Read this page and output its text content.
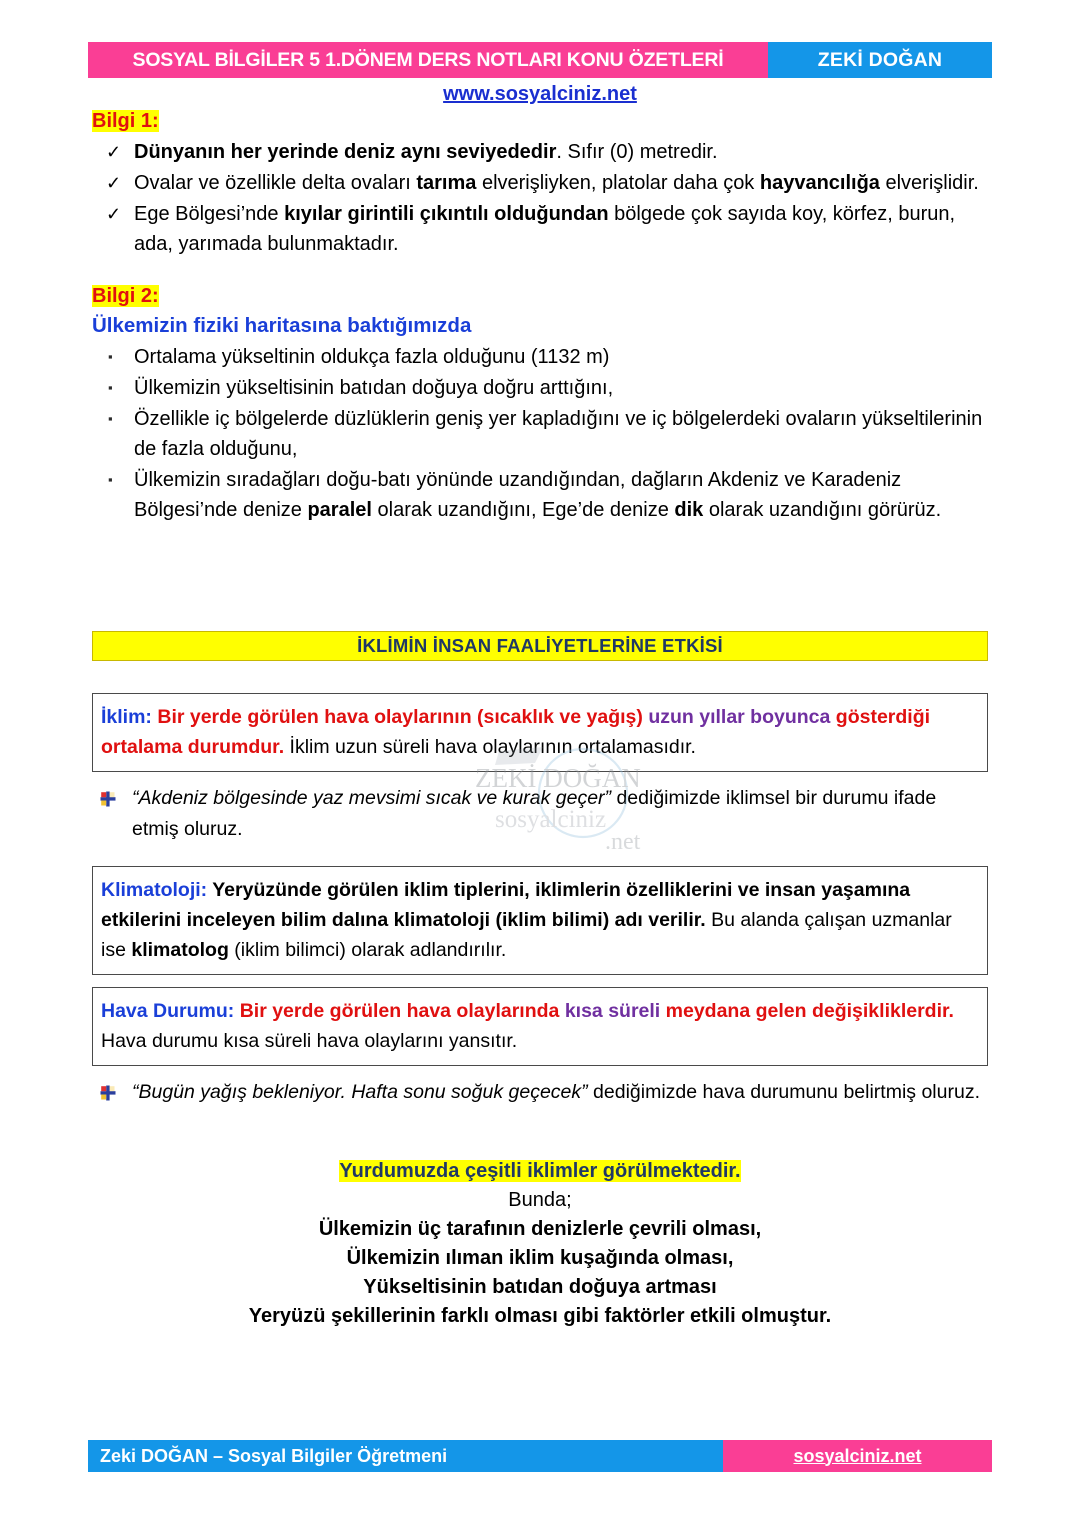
SOSYAL BİLGİLER 5 1.DÖNEM DERS NOTLARI KONU ÖZETLERİ	ZEKİ DOĞAN
www.sosyalciniz.net
Bilgi 1:
✓ Dünyanın her yerinde deniz aynı seviyededir. Sıfır (0) metredir.
✓ Ovalar ve özellikle delta ovaları tarıma elverişliyken, platolar daha çok hayvancılığa elverişlidir.
✓ Ege Bölgesi’nde kıyılar girintili çıkıntılı olduğundan bölgede çok sayıda koy, körfez, burun, ada, yarımada bulunmaktadır.
Bilgi 2:
Ülkemizin fiziki haritasına baktığımızda
▪ Ortalama yükseltinin oldukça fazla olduğunu (1132 m)
▪ Ülkemizin yükseltisinin batıdan doğuya doğru arttığını,
▪ Özellikle iç bölgelerde düzlüklerin geniş yer kapladığını ve iç bölgelerdeki ovaların yükseltilerinin de fazla olduğunu,
▪ Ülkemizin sıradağları doğu-batı yönünde uzandığından, dağların Akdeniz ve Karadeniz Bölgesi’nde denize paralel olarak uzandığını, Ege’de denize dik olarak uzandığını görürüz.
İKLİMİN İNSAN FAALİYETLERİNE ETKİSİ
İklim: Bir yerde görülen hava olaylarının (sıcaklık ve yağış) uzun yıllar boyunca gösterdiği ortalama durumdur. İklim uzun süreli hava olaylarının ortalamasıdır.
“Akdeniz bölgesinde yaz mevsimi sıcak ve kurak geçer” dediğimizde iklimsel bir durumu ifade etmiş oluruz.
Klimatoloji: Yeryüzünde görülen iklim tiplerini, iklimlerin özelliklerini ve insan yaşamına etkilerini inceleyen bilim dalına klimatoloji (iklim bilimi) adı verilir. Bu alanda çalışan uzmanlar ise klimatolog (iklim bilimci) olarak adlandırılır.
Hava Durumu: Bir yerde görülen hava olaylarında kısa süreli meydana gelen değişikliklerdir. Hava durumu kısa süreli hava olaylarını yansıtır.
“Bugün yağış bekleniyor. Hafta sonu soğuk geçecek” dediğimizde hava durumunu belirtmiş oluruz.
ZEKİ DOĞAN
sosyalciniz
.net
Yurdumuzda çeşitli iklimler görülmektedir.
Bunda;
Ülkemizin üç tarafının denizlerle çevrili olması,
Ülkemizin ılıman iklim kuşağında olması,
Yükseltisinin batıdan doğuya artması
Yeryüzü şekillerinin farklı olması gibi faktörler etkili olmuştur.
Zeki DOĞAN – Sosyal Bilgiler Öğretmeni	sosyalciniz.net
